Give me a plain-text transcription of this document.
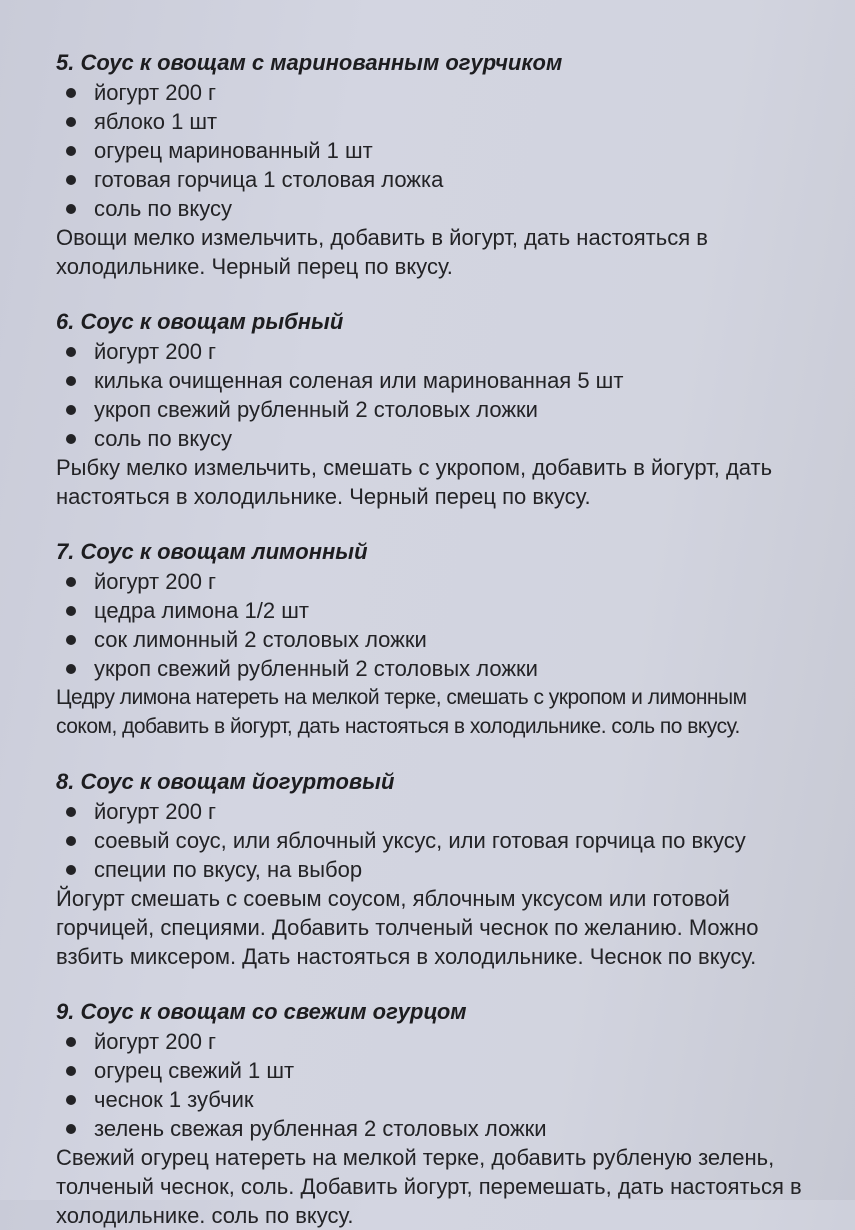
5. Соус к овощам с маринованным огурчиком
йогурт 200 г
яблоко 1 шт
огурец маринованный 1 шт
готовая горчица 1 столовая ложка
соль по вкусу

Овощи мелко измельчить, добавить в йогурт, дать настояться в холодильнике. Черный перец по вкусу.

6. Соус к овощам рыбный
йогурт 200 г
килька очищенная соленая или маринованная 5 шт
укроп свежий рубленный 2 столовых ложки
соль по вкусу

Рыбку мелко измельчить, смешать с укропом, добавить в йогурт, дать настояться в холодильнике. Черный перец по вкусу.

7. Соус к овощам лимонный
йогурт 200 г
цедра лимона 1/2 шт
сок лимонный 2 столовых ложки
укроп свежий рубленный 2 столовых ложки

Цедру лимона натереть на мелкой терке, смешать с укропом и лимонным соком, добавить в йогурт, дать настояться в холодильнике. соль по вкусу.

8. Соус к овощам йогуртовый
йогурт 200 г
соевый соус, или яблочный уксус, или готовая горчица по вкусу
специи по вкусу, на выбор

Йогурт смешать с соевым соусом, яблочным уксусом или готовой горчицей, специями. Добавить толченый чеснок по желанию. Можно взбить миксером. Дать настояться в холодильнике. Чеснок по вкусу.

9. Соус к овощам со свежим огурцом
йогурт 200 г
огурец свежий 1 шт
чеснок 1 зубчик
зелень свежая рубленная 2 столовых ложки

Свежий огурец натереть на мелкой терке, добавить рубленую зелень, толченый чеснок, соль. Добавить йогурт, перемешать, дать настояться в холодильнике. соль по вкусу.
